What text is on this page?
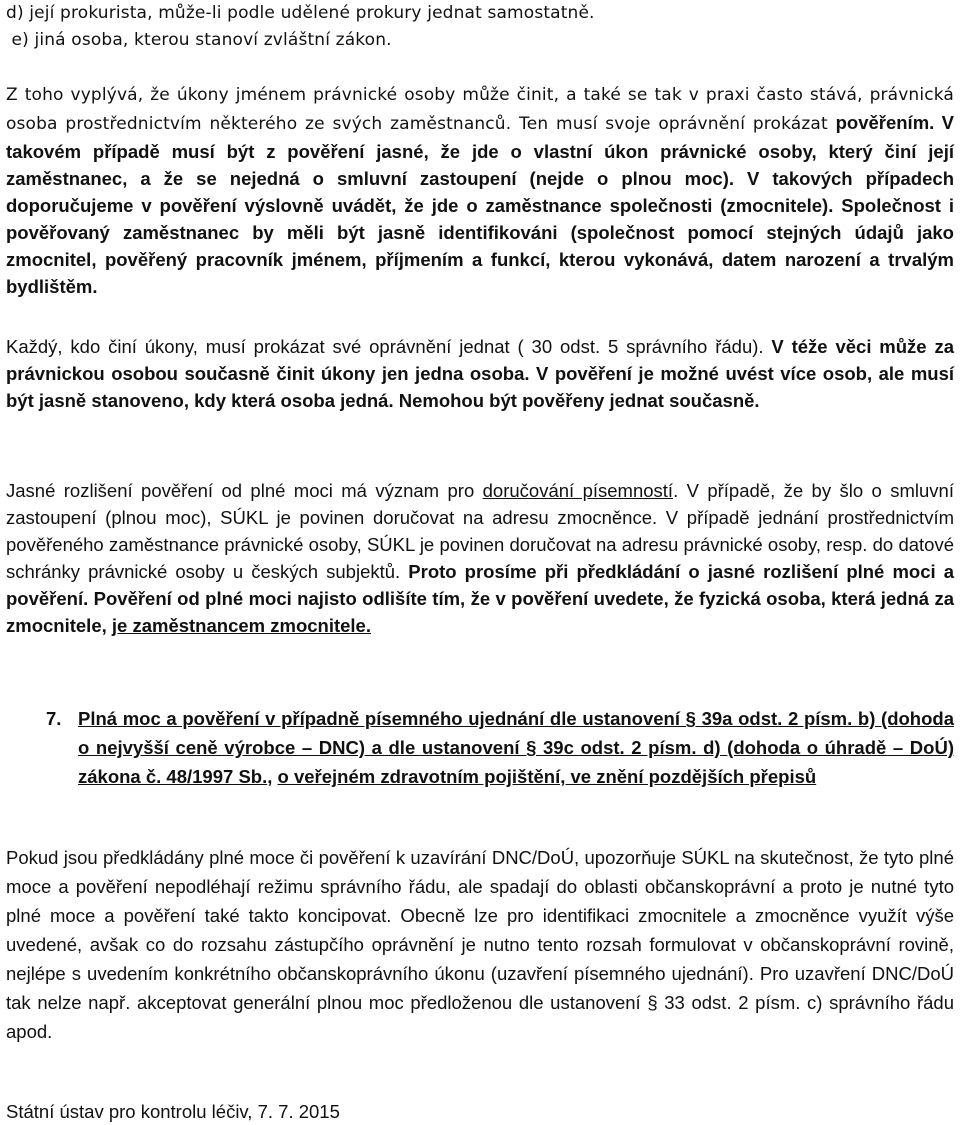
d) její prokurista, může-li podle udělené prokury jednat samostatně.

e) jiná osoba, kterou stanoví zvláštní zákon.

Z toho vyplývá, že úkony jménem právnické osoby může činit, a také se tak v praxi často stává, právnická osoba prostřednictvím některého ze svých zaměstnanců. Ten musí svoje oprávnění prokázat pověřením. V takovém případě musí být z pověření jasné, že jde o vlastní úkon právnické osoby, který činí její zaměstnanec, a že se nejedná o smluvní zastoupení (nejde o plnou moc). V takových případech doporučujeme v pověření výslovně uvádět, že jde o zaměstnance společnosti (zmocnitele). Společnost i pověřovaný zaměstnanec by měli být jasně identifikováni (společnost pomocí stejných údajů jako zmocnitel, pověřený pracovník jménem, příjmením a funkcí, kterou vykonává, datem narození a trvalým bydlištěm.

Každý, kdo činí úkony, musí prokázat své oprávnění jednat ( 30 odst. 5 správního řádu). V téže věci může za právnickou osobou současně činit úkony jen jedna osoba. V pověření je možné uvést více osob, ale musí být jasně stanoveno, kdy která osoba jedná. Nemohou být pověřeny jednat současně.

Jasné rozlišení pověření od plné moci má význam pro doručování písemností. V případě, že by šlo o smluvní zastoupení (plnou moc), SÚKL je povinen doručovat na adresu zmocněnce. V případě jednání prostřednictvím pověřeného zaměstnance právnické osoby, SÚKL je povinen doručovat na adresu právnické osoby, resp. do datové schránky právnické osoby u českých subjektů. Proto prosíme při předkládání o jasné rozlišení plné moci a pověření. Pověření od plné moci najisto odlišíte tím, že v pověření uvedete, že fyzická osoba, která jedná za zmocnitele, je zaměstnancem zmocnitele.

7. Plná moc a pověření v případně písemného ujednání dle ustanovení § 39a odst. 2 písm. b) (dohoda o nejvyšší ceně výrobce – DNC) a dle ustanovení § 39c odst. 2 písm. d) (dohoda o úhradě – DoÚ) zákona č. 48/1997 Sb., o veřejném zdravotním pojištění, ve znění pozdějších přepisů

Pokud jsou předkládány plné moce či pověření k uzavírání DNC/DoÚ, upozorňuje SÚKL na skutečnost, že tyto plné moce a pověření nepodléhají režimu správního řádu, ale spadají do oblasti občanskoprávní a proto je nutné tyto plné moce a pověření také takto koncipovat. Obecně lze pro identifikaci zmocnitele a zmocněnce využít výše uvedené, avšak co do rozsahu zástupčího oprávnění je nutno tento rozsah formulovat v občanskoprávní rovině, nejlépe s uvedením konkrétního občanskoprávního úkonu (uzavření písemného ujednání). Pro uzavření DNC/DoÚ tak nelze např. akceptovat generální plnou moc předloženou dle ustanovení § 33 odst. 2 písm. c) správního řádu apod.

Státní ústav pro kontrolu léčiv, 7. 7. 2015
